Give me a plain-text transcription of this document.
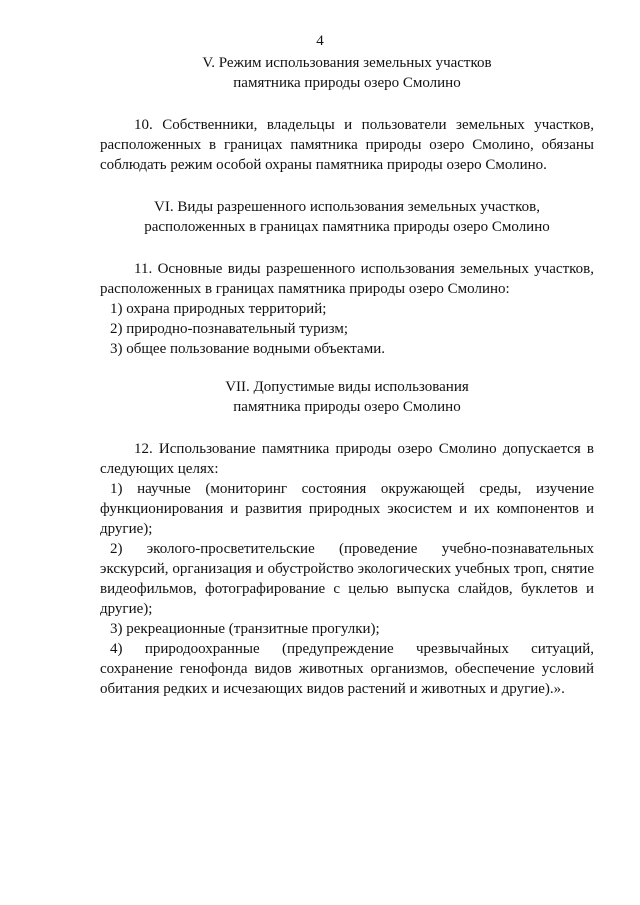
4
V. Режим использования земельных участков
памятника природы озеро Смолино

10. Собственники, владельцы и пользователи земельных участков, расположенных в границах памятника природы озеро Смолино, обязаны соблюдать режим особой охраны памятника природы озеро Смолино.

VI. Виды разрешенного использования земельных участков,
расположенных в границах памятника природы озеро Смолино

11. Основные виды разрешенного использования земельных участков, расположенных в границах памятника природы озеро Смолино:

1) охрана природных территорий;

2) природно-познавательный туризм;

3) общее пользование водными объектами.

VII. Допустимые виды использования
памятника природы озеро Смолино

12. Использование памятника природы озеро Смолино допускается в следующих целях:

1) научные (мониторинг состояния окружающей среды, изучение функционирования и развития природных экосистем и их компонентов и другие);

2) эколого-просветительские (проведение учебно-познавательных экскурсий, организация и обустройство экологических учебных троп, снятие видеофильмов, фотографирование с целью выпуска слайдов, буклетов и другие);

3) рекреационные (транзитные прогулки);

4) природоохранные (предупреждение чрезвычайных ситуаций, сохранение генофонда видов животных организмов, обеспечение условий обитания редких и исчезающих видов растений и животных и другие).».
